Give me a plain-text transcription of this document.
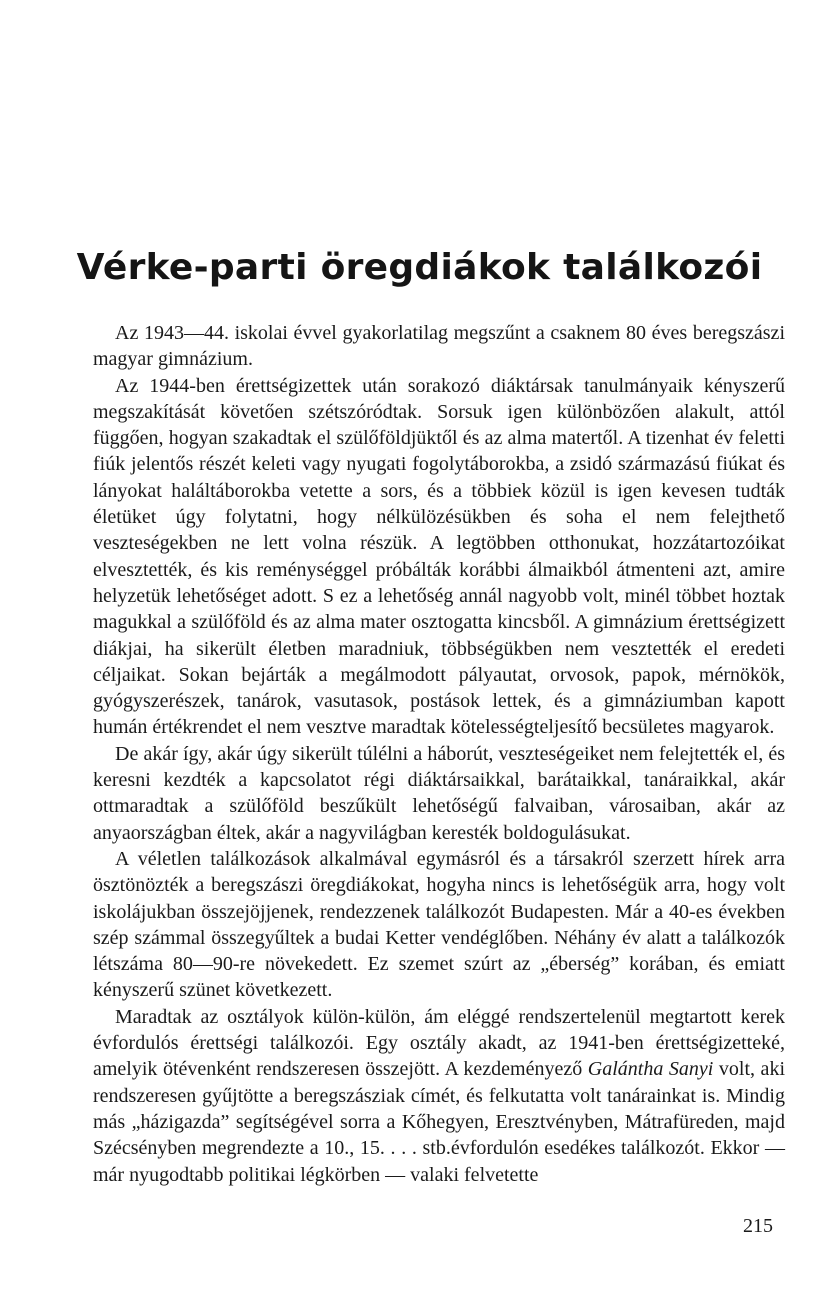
Vérke-parti öregdiákok találkozói

Az 1943—44. iskolai évvel gyakorlatilag megszűnt a csaknem 80 éves beregszászi magyar gimnázium.

Az 1944-ben érettségizettek után sorakozó diáktársak tanulmányaik kényszerű megszakítását követően szétszóródtak. Sorsuk igen különbözően alakult, attól függően, hogyan szakadtak el szülőföldjüktől és az alma matertől. A tizenhat év feletti fiúk jelentős részét keleti vagy nyugati fogolytáborokba, a zsidó származású fiúkat és lányokat haláltáborokba vetette a sors, és a többiek közül is igen kevesen tudták életüket úgy folytatni, hogy nélkülözésükben és soha el nem felejthető veszteségekben ne lett volna részük. A legtöbben otthonukat, hozzátartozóikat elvesztették, és kis reménységgel próbálták korábbi álmaikból átmenteni azt, amire helyzetük lehetőséget adott. S ez a lehetőség annál nagyobb volt, minél többet hoztak magukkal a szülőföld és az alma mater osztogatta kincsből. A gimnázium érettségizett diákjai, ha sikerült életben maradniuk, többségükben nem vesztették el eredeti céljaikat. Sokan bejárták a megálmodott pályautat, orvosok, papok, mérnökök, gyógyszerészek, tanárok, vasutasok, postások lettek, és a gimnáziumban kapott humán értékrendet el nem vesztve maradtak kötelességteljesítő becsületes magyarok.

De akár így, akár úgy sikerült túlélni a háborút, veszteségeiket nem felejtették el, és keresni kezdték a kapcsolatot régi diáktársaikkal, barátaikkal, tanáraikkal, akár ottmaradtak a szülőföld beszűkült lehetőségű falvaiban, városaiban, akár az anyaországban éltek, akár a nagyvilágban keresték boldogulásukat.

A véletlen találkozások alkalmával egymásról és a társakról szerzett hírek arra ösztönözték a beregszászi öregdiákokat, hogyha nincs is lehetőségük arra, hogy volt iskolájukban összejöjjenek, rendezzenek találkozót Budapesten. Már a 40-es években szép számmal összegyűltek a budai Ketter vendéglőben. Néhány év alatt a találkozók létszáma 80—90-re növekedett. Ez szemet szúrt az „éberség” korában, és emiatt kényszerű szünet következett.

Maradtak az osztályok külön-külön, ám eléggé rendszertelenül megtartott kerek évfordulós érettségi találkozói. Egy osztály akadt, az 1941-ben érettségizetteké, amelyik ötévenként rendszeresen összejött. A kezdeményező Galántha Sanyi volt, aki rendszeresen gyűjtötte a beregszásziak címét, és felkutatta volt tanárainkat is. Mindig más „házigazda” segítségével sorra a Kőhegyen, Eresztvényben, Mátrafüreden, majd Szécsényben megrendezte a 10., 15. . . . stb.évfordulón esedékes találkozót. Ekkor — már nyugodtabb politikai légkörben — valaki felvetette

215
